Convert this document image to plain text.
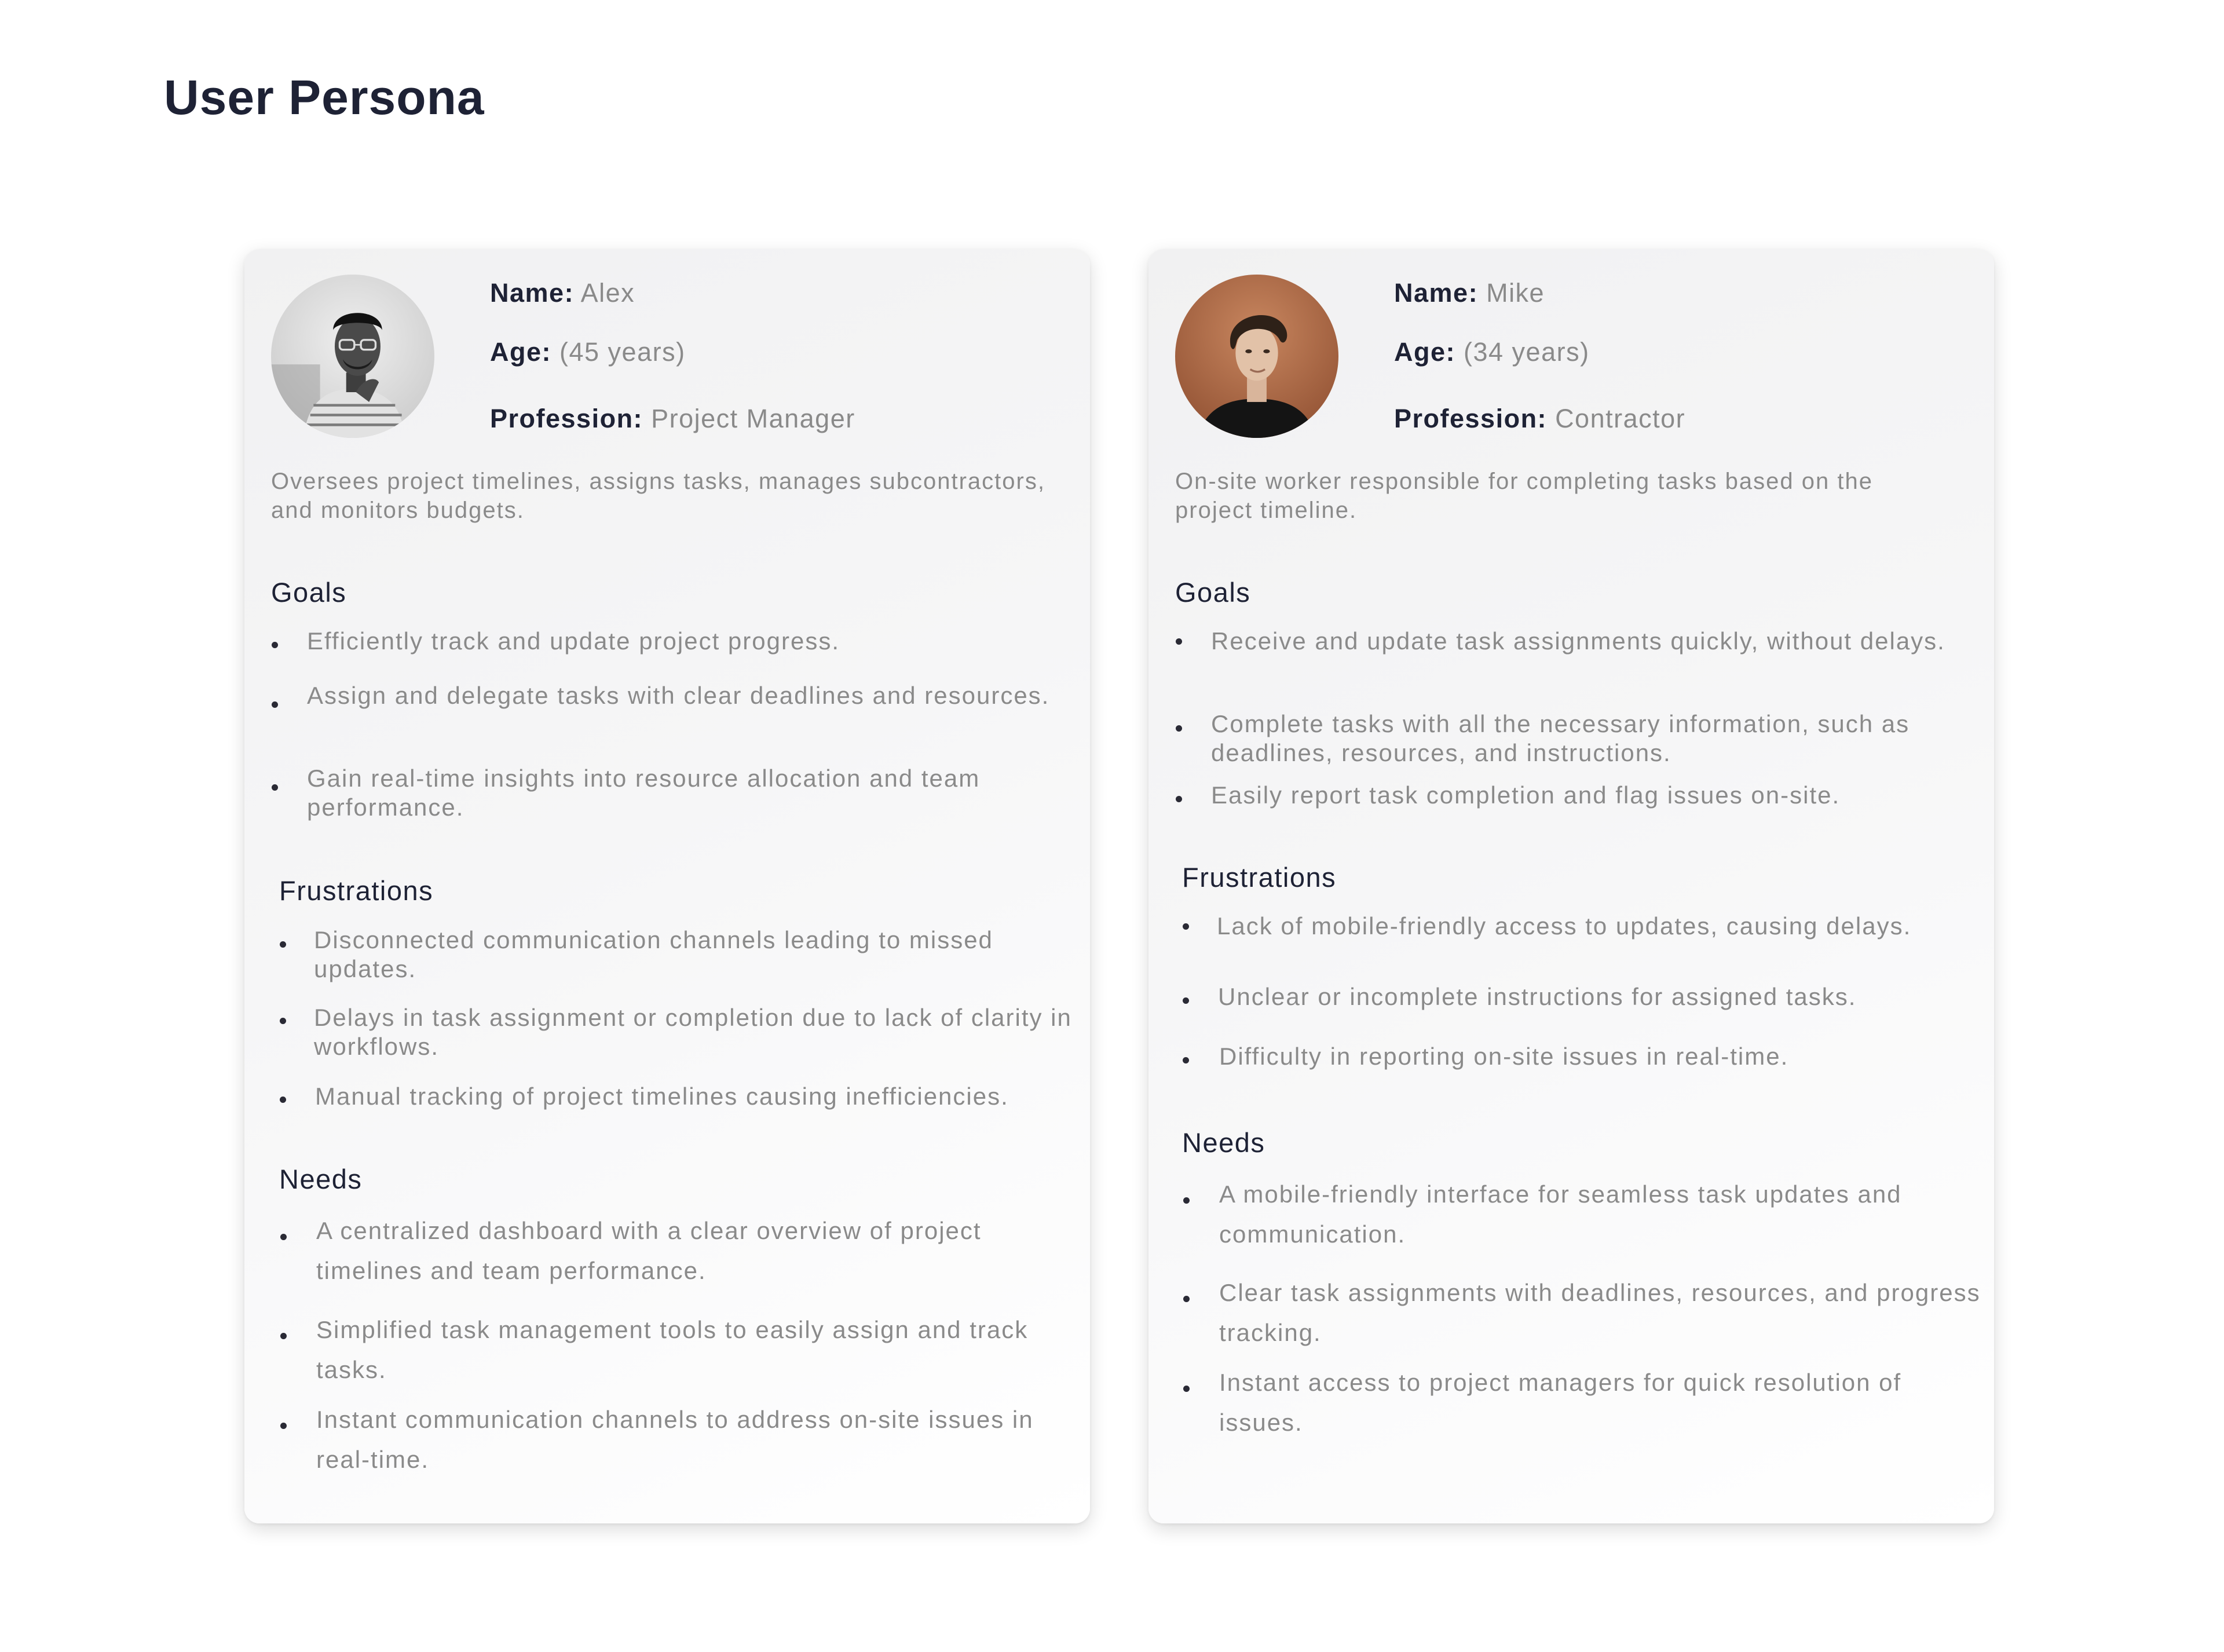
User Persona
Name: Alex
Age: (45 years)
Profession: Project Manager
Oversees project timelines, assigns tasks, manages subcontractors, and monitors budgets.
Goals
Efficiently track and update project progress.
Assign and delegate tasks with clear deadlines and resources.
Gain real-time insights into resource allocation and team performance.
Frustrations
Disconnected communication channels leading to missed updates.
Delays in task assignment or completion due to lack of clarity in workflows.
Manual tracking of project timelines causing inefficiencies.
Needs
A centralized dashboard with a clear overview of project timelines and team performance.
Simplified task management tools to easily assign and track tasks.
Instant communication channels to address on-site issues in real-time.
Name: Mike
Age: (34 years)
Profession: Contractor
On-site worker responsible for completing tasks based on the project timeline.
Goals
Receive and update task assignments quickly, without delays.
Complete tasks with all the necessary information, such as deadlines, resources, and instructions.
Easily report task completion and flag issues on-site.
Frustrations
Lack of mobile-friendly access to updates, causing delays.
Unclear or incomplete instructions for assigned tasks.
Difficulty in reporting on-site issues in real-time.
Needs
A mobile-friendly interface for seamless task updates and communication.
Clear task assignments with deadlines, resources, and progress tracking.
Instant access to project managers for quick resolution of issues.
